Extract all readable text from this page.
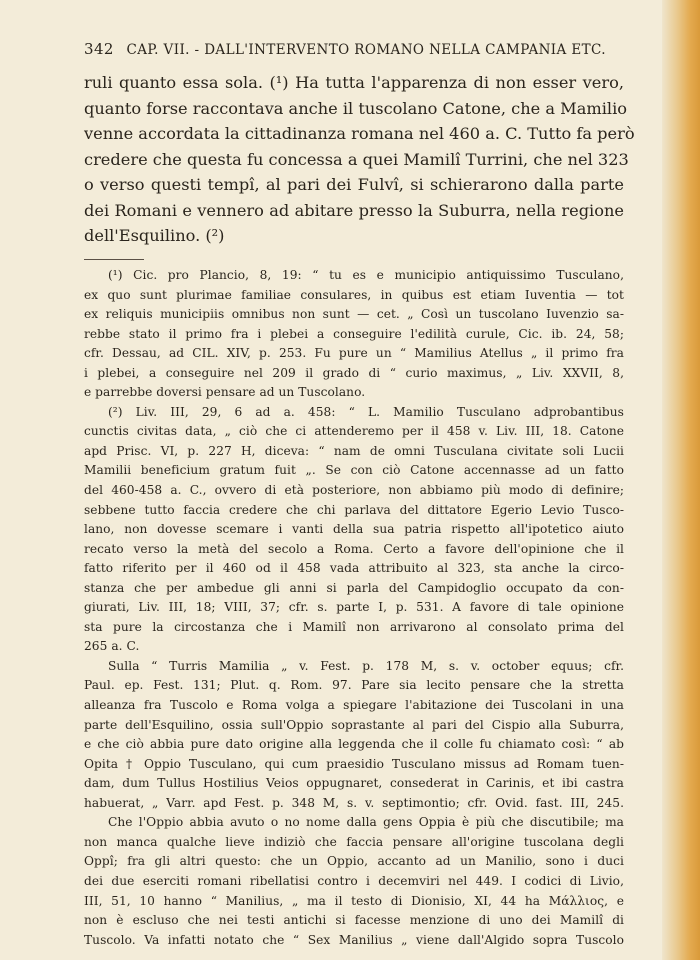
342 CAP. VII. - DALL'INTERVENTO ROMANO NELLA CAMPANIA ETC.
ruli quanto essa sola. (¹) Ha tutta l'apparenza di non esser vero,
quanto forse raccontava anche il tuscolano Catone, che a Mamilio
venne accordata la cittadinanza romana nel 460 a. C. Tutto fa però
credere che questa fu concessa a quei Mamilî Turrini, che nel 323
o verso questi tempî, al pari dei Fulvî, si schierarono dalla parte
dei Romani e vennero ad abitare presso la Suburra, nella regione
dell'Esquilino. (²)
(¹) Cic. pro Plancio, 8, 19: “ tu es e municipio antiquissimo Tusculano,
ex quo sunt plurimae familiae consulares, in quibus est etiam Iuventia — tot
ex reliquis municipiis omnibus non sunt — cet. „ Così un tuscolano Iuvenzio sa-
rebbe stato il primo fra i plebei a conseguire l'edilità curule, Cic. ib. 24, 58;
cfr. Dessau, ad CIL. XIV, p. 253. Fu pure un “ Mamilius Atellus „ il primo fra
i plebei, a conseguire nel 209 il grado di “ curio maximus, „ Liv. XXVII, 8,
e parrebbe doversi pensare ad un Tuscolano.
(²) Liv. III, 29, 6 ad a. 458: “ L. Mamilio Tusculano adprobantibus
cunctis civitas data, „ ciò che ci attenderemo per il 458 v. Liv. III, 18. Catone
apd Prisc. VI, p. 227 H, diceva: “ nam de omni Tusculana civitate soli Lucii
Mamilii beneficium gratum fuit „. Se con ciò Catone accennasse ad un fatto
del 460-458 a. C., ovvero di età posteriore, non abbiamo più modo di definire;
sebbene tutto faccia credere che chi parlava del dittatore Egerio Levio Tusco-
lano, non dovesse scemare i vanti della sua patria rispetto all'ipotetico aiuto
recato verso la metà del secolo a Roma. Certo a favore dell'opinione che il
fatto riferito per il 460 od il 458 vada attribuito al 323, sta anche la circo-
stanza che per ambedue gli anni si parla del Campidoglio occupato da con-
giurati, Liv. III, 18; VIII, 37; cfr. s. parte I, p. 531. A favore di tale opinione
sta pure la circostanza che i Mamilî non arrivarono al consolato prima del
265 a. C.
Sulla “ Turris Mamilia „ v. Fest. p. 178 M, s. v. october equus; cfr.
Paul. ep. Fest. 131; Plut. q. Rom. 97. Pare sia lecito pensare che la stretta
alleanza fra Tuscolo e Roma volga a spiegare l'abitazione dei Tuscolani in una
parte dell'Esquilino, ossia sull'Oppio soprastante al pari del Cispio alla Suburra,
e che ciò abbia pure dato origine alla leggenda che il colle fu chiamato così: “ ab
Opita † Oppio Tusculano, qui cum praesidio Tusculano missus ad Romam tuen-
dam, dum Tullus Hostilius Veios oppugnaret, consederat in Carinis, et ibi castra
habuerat, „ Varr. apd Fest. p. 348 M, s. v. septimontio; cfr. Ovid. fast. III, 245.
Che l'Oppio abbia avuto o no nome dalla gens Oppia è più che discutibile; ma
non manca qualche lieve indiziò che faccia pensare all'origine tuscolana degli
Oppî; fra gli altri questo: che un Oppio, accanto ad un Manilio, sono i duci
dei due eserciti romani ribellatisi contro i decemviri nel 449. I codici di Livio,
III, 51, 10 hanno “ Manilius, „ ma il testo di Dionisio, XI, 44 ha Μάλλιος, e
non è escluso che nei testi antichi si facesse menzione di uno dei Mamilî di
Tuscolo. Va infatti notato che “ Sex Manilius „ viene dall'Algido sopra Tuscolo
